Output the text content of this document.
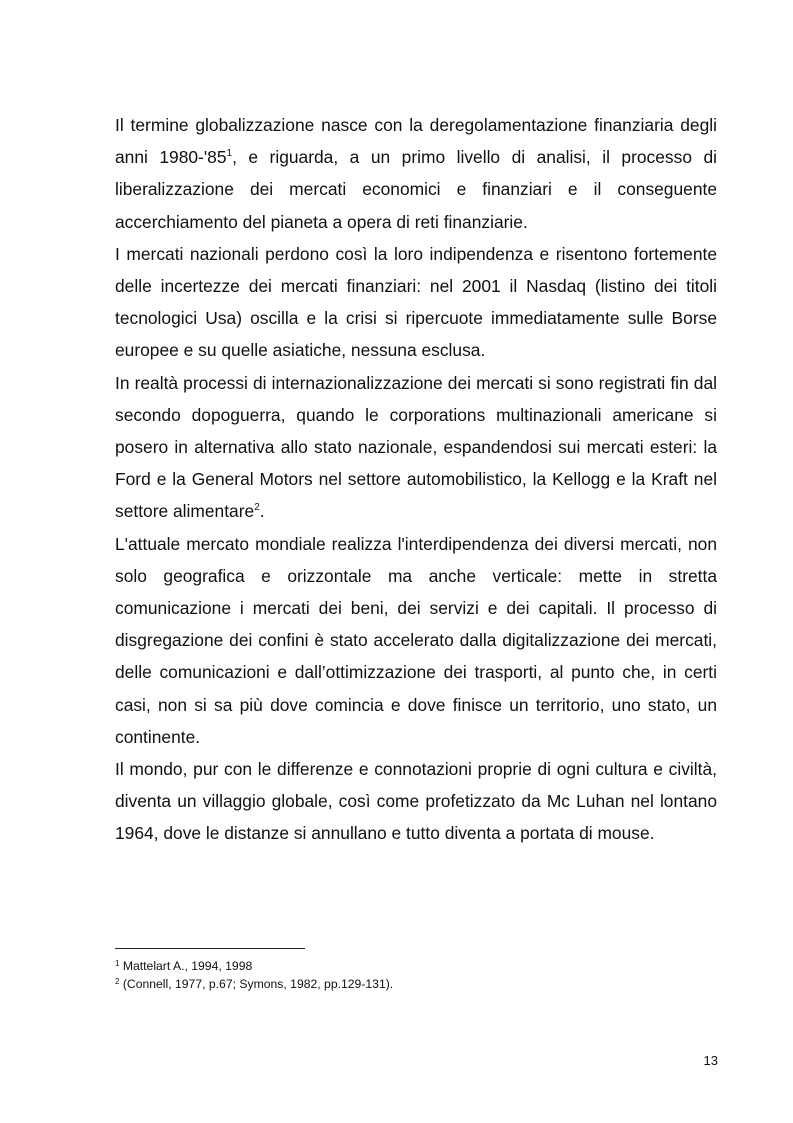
Il termine globalizzazione nasce con la deregolamentazione finanziaria degli anni $1980-'85^1$, e riguarda, a un primo livello di analisi, il processo di liberalizzazione dei mercati economici e finanziari e il conseguente accerchiamento del pianeta a opera di reti finanziarie.

I mercati nazionali perdono così la loro indipendenza e risentono fortemente delle incertezze dei mercati finanziari: nel 2001 il Nasdaq (listino dei titoli tecnologici Usa) oscilla e la crisi si ripercuote immediatamente sulle Borse europee e su quelle asiatiche, nessuna esclusa.

In realtà processi di internazionalizzazione dei mercati si sono registrati fin dal secondo dopoguerra, quando le corporations multinazionali americane si posero in alternativa allo stato nazionale, espandendosi sui mercati esteri: la Ford e la General Motors nel settore automobilistico, la Kellogg e la Kraft nel settore alimentare$^2$.

L'attuale mercato mondiale realizza l'interdipendenza dei diversi mercati, non solo geografica e orizzontale ma anche verticale: mette in stretta comunicazione i mercati dei beni, dei servizi e dei capitali. Il processo di disgregazione dei confini è stato accelerato dalla digitalizzazione dei mercati, delle comunicazioni e dall’ottimizzazione dei trasporti, al punto che, in certi casi, non si sa più dove comincia e dove finisce un territorio, uno stato, un continente.

Il mondo, pur con le differenze e connotazioni proprie di ogni cultura e civiltà, diventa un villaggio globale, così come profetizzato da Mc Luhan nel lontano 1964, dove le distanze si annullano e tutto diventa a portata di mouse.

$^1$ Mattelart A., 1994, 1998

$^2$ (Connell, 1977, p.67; Symons, 1982, pp.129-131).

13
